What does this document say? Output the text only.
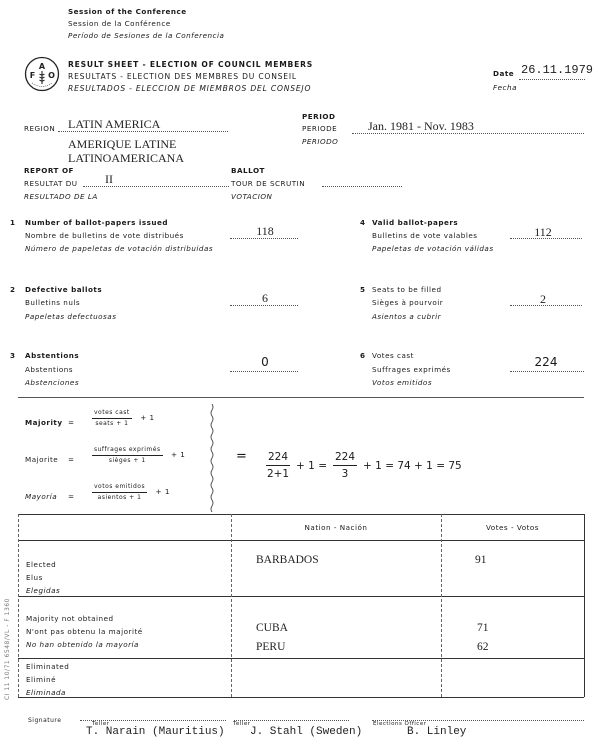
Session of the Conference
Session de la Conférence
Período de Sesiones de la Conferencia
A
F O
RESULT SHEET - ELECTION OF COUNCIL MEMBERS
RESULTATS - ELECTION DES MEMBRES DU CONSEIL
RESULTADOS - ELECCION DE MIEMBROS DEL CONSEJO
Date
Fecha
26.11.1979
REGION LATIN AMERICA
AMERIQUE LATINE
LATINOAMERICANA
PERIOD
PERIODE
PERIODO
Jan. 1981 - Nov. 1983
REPORT OF
RESULTAT DU
RESULTADO DE LA
II
BALLOT
TOUR DE SCRUTIN
VOTACION
1 Number of ballot-papers issued
Nombre de bulletins de vote distribués
Número de papeletas de votación distribuidas
118
2 Defective ballots
Bulletins nuls
Papeletas defectuosas
6
3 Abstentions
Abstentions
Abstenciones
0
4 Valid ballot-papers
Bulletins de vote valables
Papeletas de votación válidas
112
5 Seats to be filled
Sièges à pourvoir
Asientos a cubrir
2
6 Votes cast
Suffrages exprimés
Votos emitidos
224
Majority =	$\frac{\text{votes cast}}{\text{seats + 1}} + 1$
Majorite =	$\frac{\text{suffrages exprimés}}{\text{sièges + 1}} + 1$
Mayoría =	$\frac{\text{votos emitidos}}{\text{asientos + 1}} + 1$
= $\frac{224}{2+1} + 1 = \frac{224}{3} + 1 = 74 + 1 = 75$
Nation - Nación	Votes - Votos
Elected
Elus
Elegidas
BARBADOS	91
Majority not obtained
N'ont pas obtenu la majorité
No han obtenido la mayoría
CUBA	71
PERU	62
Eliminated
Eliminé
Eliminada
CI 11 10/71 6548/VL - F 1360
Signature	Teller
T. Narain (Mauritius)
Teller
J. Stahl (Sweden)
Elections Officer
B. Linley
